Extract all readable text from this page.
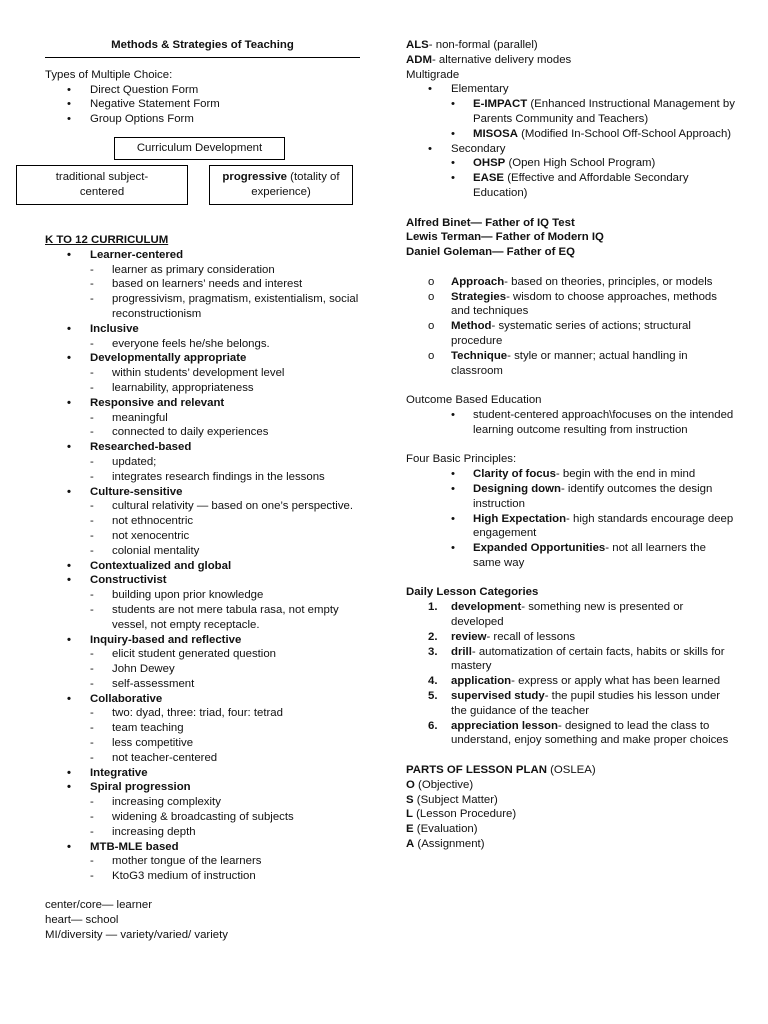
Methods & Strategies of Teaching

Types of Multiple Choice:

• Direct Question Form
• Negative Statement Form
• Group Options Form
Curriculum Development
traditional subject-centered
progressive (totality of experience)

K TO 12 CURRICULUM

• Learner-centered
- learner as primary consideration
- based on learners’ needs and interest
- progressivism, pragmatism, existentialism, social reconstructionism
• Inclusive
- everyone feels he/she belongs.
• Developmentally appropriate
- within students’ development level
- learnability, appropriateness
• Responsive and relevant
- meaningful
- connected to daily experiences
• Researched-based
- updated;
- integrates research findings in the lessons
• Culture-sensitive
- cultural relativity — based on one’s perspective.
- not ethnocentric
- not xenocentric
- colonial mentality
• Contextualized and global
• Constructivist
- building upon prior knowledge
- students are not mere tabula rasa, not empty vessel, not empty receptacle.
• Inquiry-based and reflective
- elicit student generated question
- John Dewey
- self-assessment
• Collaborative
- two: dyad, three: triad, four: tetrad
- team teaching
- less competitive
- not teacher-centered
• Integrative
• Spiral progression
- increasing complexity
- widening & broadcasting of subjects
- increasing depth
• MTB-MLE based
- mother tongue of the learners
- KtoG3 medium of instruction

center/core— learner

heart— school

MI/diversity — variety/varied/ variety

ALS- non-formal (parallel)

ADM- alternative delivery modes

Multigrade

• Elementary
• E-IMPACT (Enhanced Instructional Management by Parents Community and Teachers)
• MISOSA (Modified In-School Off-School Approach)
• Secondary
• OHSP (Open High School Program)
• EASE (Effective and Affordable Secondary Education)

Alfred Binet— Father of IQ Test

Lewis Terman— Father of Modern IQ

Daniel Goleman— Father of EQ

o Approach- based on theories, principles, or models
o Strategies- wisdom to choose approaches, methods and techniques
o Method- systematic series of actions; structural procedure
o Technique- style or manner; actual handling in classroom

Outcome Based Education

• student-centered approach\focuses on the intended learning outcome resulting from instruction

Four Basic Principles:

• Clarity of focus- begin with the end in mind
• Designing down- identify outcomes the design instruction
• High Expectation- high standards encourage deep engagement
• Expanded Opportunities- not all learners the same way

Daily Lesson Categories

1. development- something new is presented or developed
2. review- recall of lessons
3. drill- automatization of certain facts, habits or skills for mastery
4. application- express or apply what has been learned
5. supervised study- the pupil studies his lesson under the guidance of the teacher
6. appreciation lesson- designed to lead the class to understand, enjoy something and make proper choices

PARTS OF LESSON PLAN (OSLEA)

O (Objective)

S (Subject Matter)

L (Lesson Procedure)

E (Evaluation)

A (Assignment)
